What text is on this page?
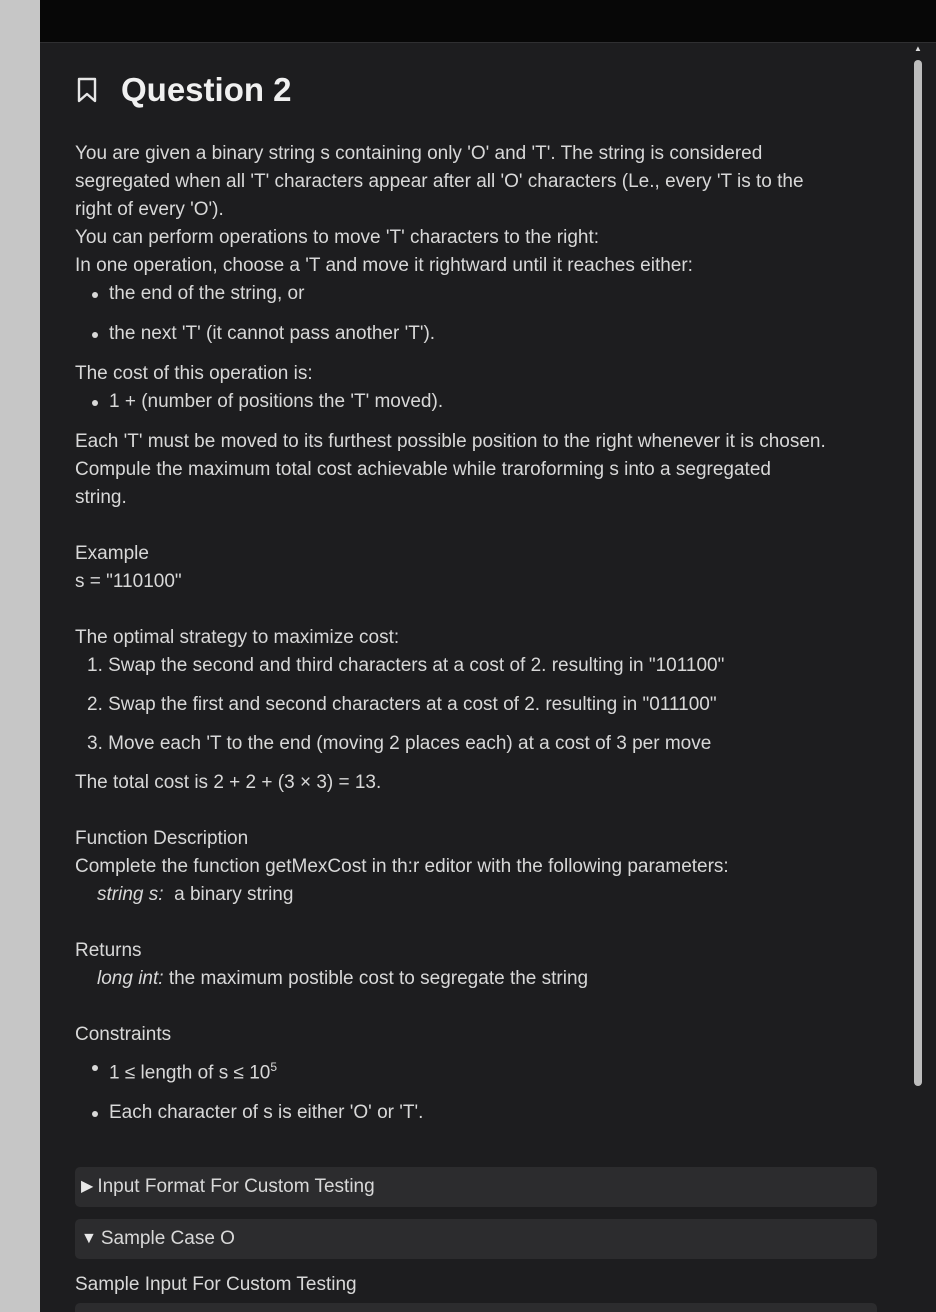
▲
Question 2

You are given a binary string s containing only 'O' and 'T'. The string is considered

segregated when all 'T' characters appear after all 'O' characters (Le., every 'T is to the

right of every 'O').

You can perform operations to move 'T' characters to the right:

In one operation, choose a 'T and move it rightward until it reaches either:

the end of the string, or
the next 'T' (it cannot pass another 'T').

The cost of this operation is:

1 + (number of positions the 'T' moved).

Each 'T' must be moved to its furthest possible position to the right whenever it is chosen.

Compule the maximum total cost achievable while traroforming s into a segregated

string.

Example

s = "110100"

The optimal strategy to maximize cost:

1. Swap the second and third characters at a cost of 2. resulting in "101100"
2. Swap the first and second characters at a cost of 2. resulting in "011100"
3. Move each 'T to the end (moving 2 places each) at a cost of 3 per move

The total cost is 2 + 2 + (3 × 3) = 13.

Function Description

Complete the function getMexCost in th:r editor with the following parameters:

string s: a binary string

Returns

long int: the maximum postible cost to segregate the string

Constraints

1 ≤ length of $s \le 10^5$
Each character of s is either 'O' or 'T'.
▶ Input Format For Custom Testing
▼ Sample Case O

Sample Input For Custom Testing
